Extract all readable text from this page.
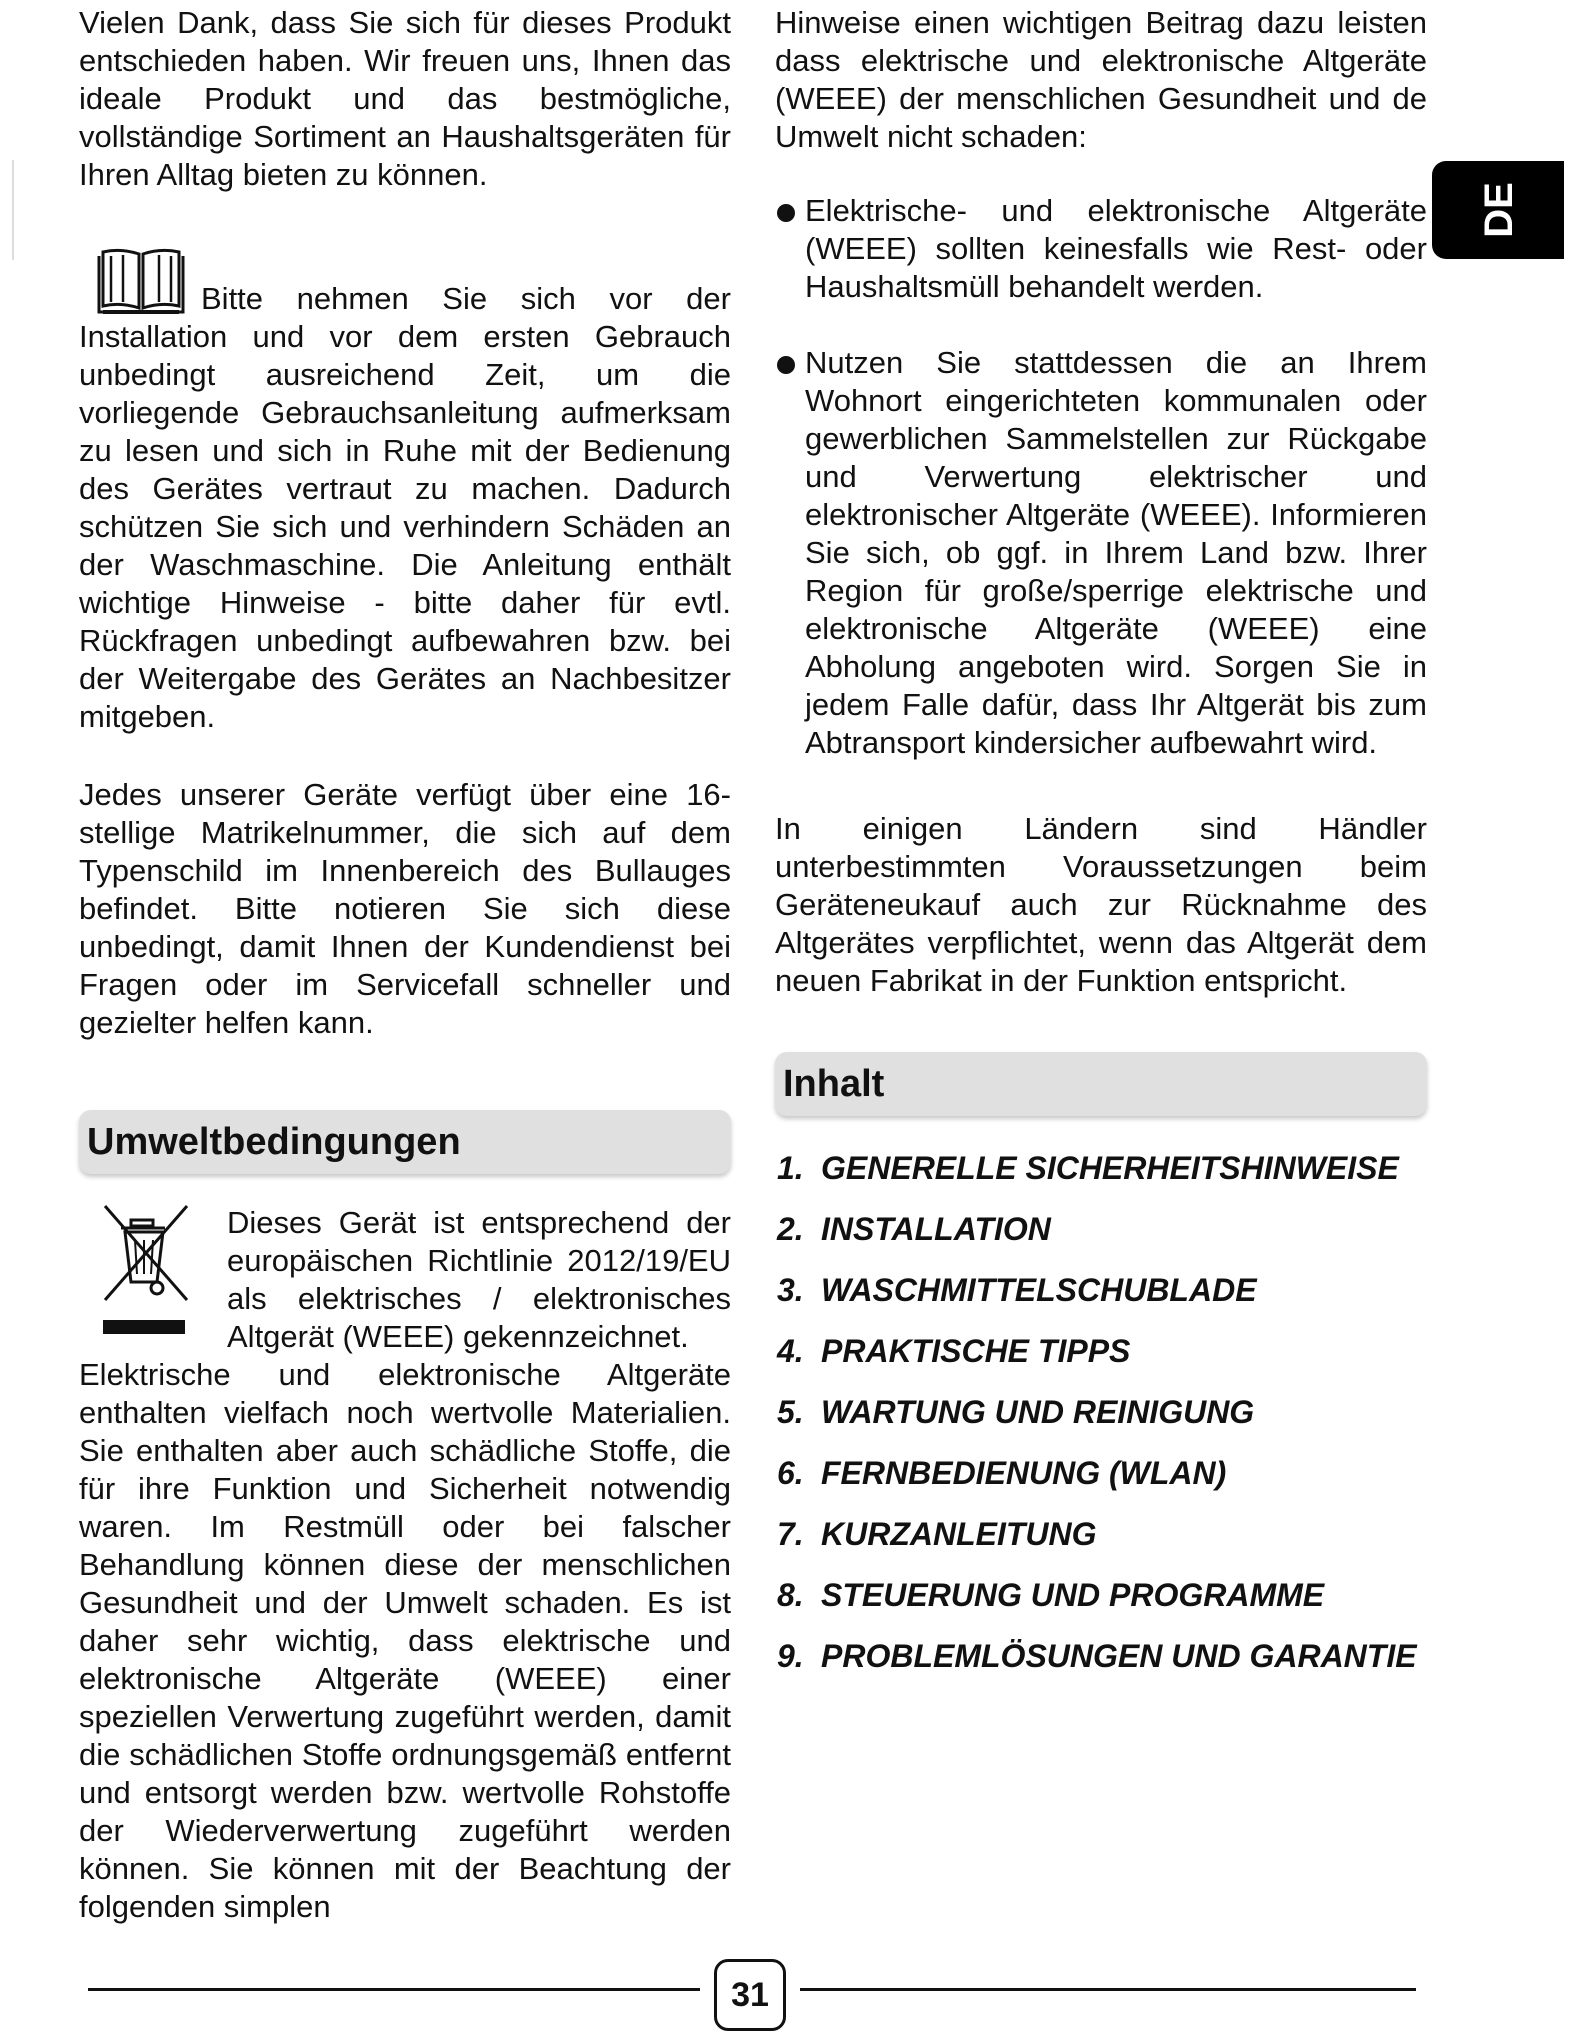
Vielen Dank, dass Sie sich für dieses Produkt entschieden haben. Wir freuen uns, Ihnen das ideale Produkt und das bestmögliche, vollständige Sortiment an Haushaltsgeräten für Ihren Alltag bieten zu können.

Bitte nehmen Sie sich vor der

Installation und vor dem ersten Gebrauch unbedingt ausreichend Zeit, um die vorliegende Gebrauchsanleitung aufmerksam zu lesen und sich in Ruhe mit der Bedienung des Gerätes vertraut zu machen. Dadurch schützen Sie sich und verhindern Schäden an der Waschmaschine. Die Anleitung enthält wichtige Hinweise - bitte daher für evtl. Rückfragen unbedingt aufbewahren bzw. bei der Weitergabe des Gerätes an Nachbesitzer mitgeben.

Jedes unserer Geräte verfügt über eine 16-stellige Matrikelnummer, die sich auf dem Typenschild im Innenbereich des Bullauges befindet. Bitte notieren Sie sich diese unbedingt, damit Ihnen der Kundendienst bei Fragen oder im Servicefall schneller und gezielter helfen kann.

Umweltbedingungen

Dieses Gerät ist entsprechend der europäischen Richtlinie 2012/19/EU als elektrisches / elektronisches Altgerät (WEEE) gekennzeichnet.

Elektrische und elektronische Altgeräte enthalten vielfach noch wertvolle Materialien. Sie enthalten aber auch schädliche Stoffe, die für ihre Funktion und Sicherheit notwendig waren. Im Restmüll oder bei falscher Behandlung können diese der menschlichen Gesundheit und der Umwelt schaden. Es ist daher sehr wichtig, dass elektrische und elektronische Altgeräte (WEEE) einer speziellen Verwertung zugeführt werden, damit die schädlichen Stoffe ordnungsgemäß entfernt und entsorgt werden bzw. wertvolle Rohstoffe der Wiederverwertung zugeführt werden können. Sie können mit der Beachtung der folgenden simplen

Hinweise einen wichtigen Beitrag dazu leisten dass elektrische und elektronische Altgeräte (WEEE) der menschlichen Gesundheit und de Umwelt nicht schaden:

Elektrische- und elektronische Altgeräte (WEEE) sollten keinesfalls wie Rest- oder Haushaltsmüll behandelt werden.

Nutzen Sie stattdessen die an Ihrem Wohnort eingerichteten kommunalen oder gewerblichen Sammelstellen zur Rückgabe und Verwertung elektrischer und elektronischer Altgeräte (WEEE). Informieren Sie sich, ob ggf. in Ihrem Land bzw. Ihrer Region für große/sperrige elektrische und elektronische Altgeräte (WEEE) eine Abholung angeboten wird. Sorgen Sie in jedem Falle dafür, dass Ihr Altgerät bis zum Abtransport kindersicher aufbewahrt wird.

In einigen Ländern sind Händler unterbestimmten Voraussetzungen beim Geräteneukauf auch zur Rücknahme des Altgerätes verpflichtet, wenn das Altgerät dem neuen Fabrikat in der Funktion entspricht.

Inhalt
1. GENERELLE SICHERHEITSHINWEISE
2. INSTALLATION
3. WASCHMITTELSCHUBLADE
4. PRAKTISCHE TIPPS
5. WARTUNG UND REINIGUNG
6. FERNBEDIENUNG (WLAN)
7. KURZANLEITUNG
8. STEUERUNG UND PROGRAMME
9. PROBLEMLÖSUNGEN UND GARANTIE
DE
31
